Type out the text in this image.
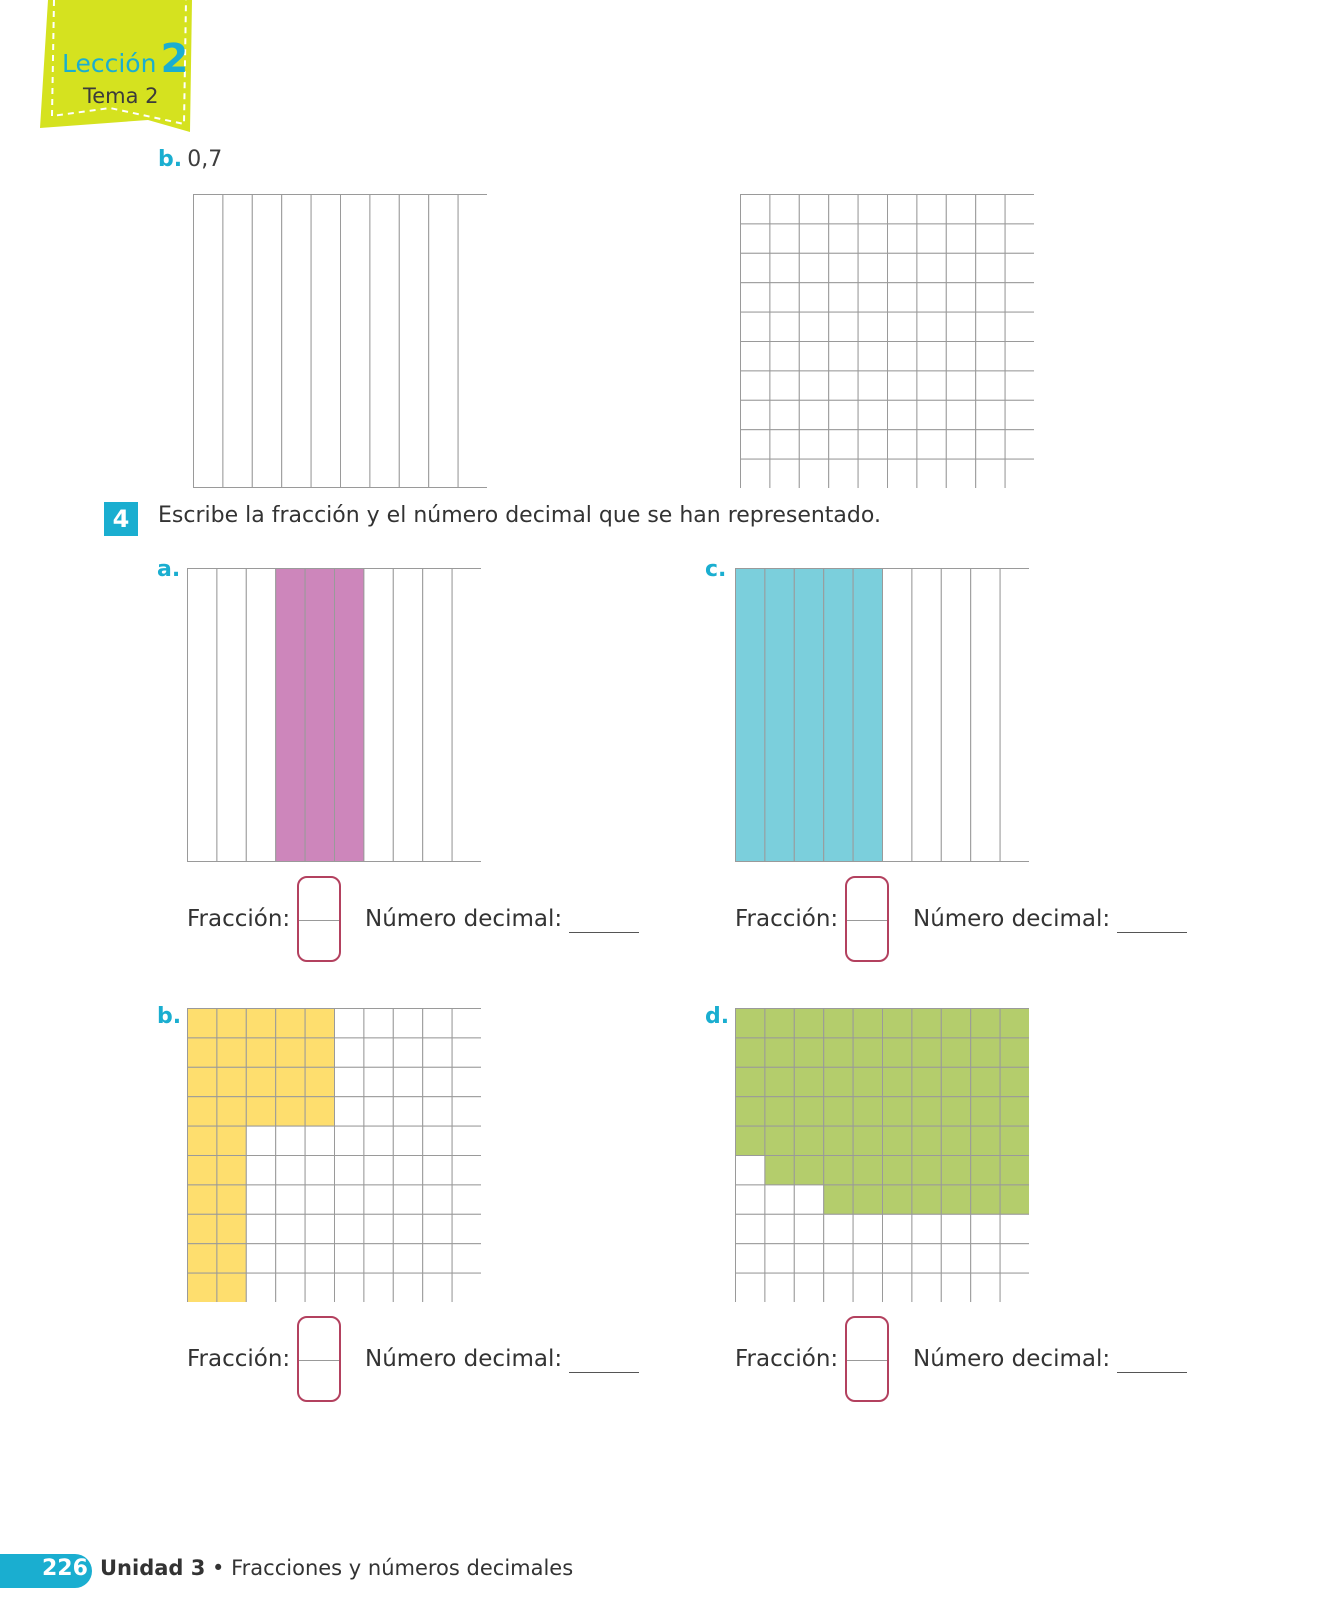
Lección 2
Tema 2
b. 0,7
4	Escribe la fracción y el número decimal que se han representado.
a.
Fracción:	Número decimal:
c.
Fracción:	Número decimal:
b.
Fracción:	Número decimal:
d.
Fracción:	Número decimal:
226 Unidad 3 • Fracciones y números decimales
